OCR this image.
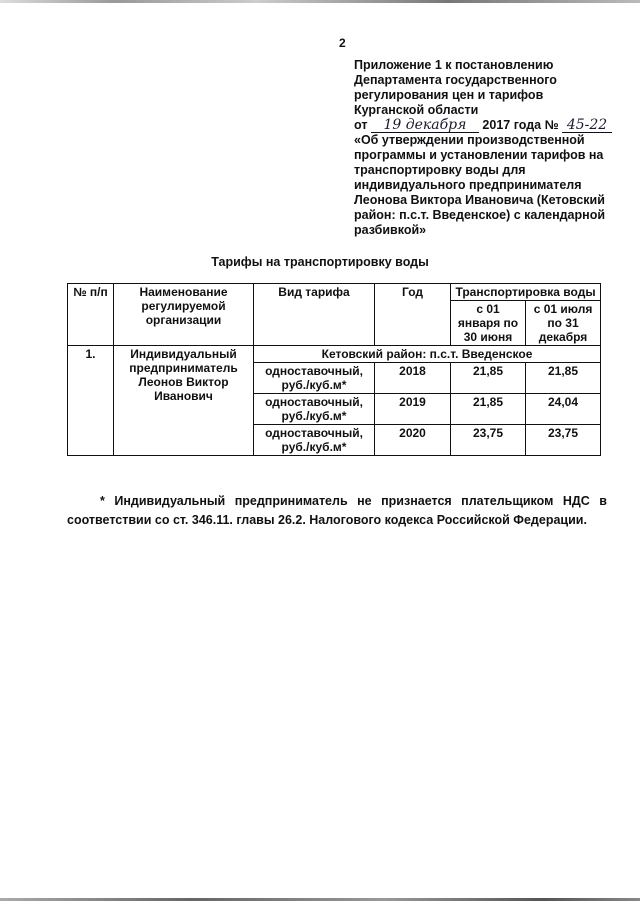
2
Приложение 1 к постановлению
Департамента государственного
регулирования цен и тарифов
Курганской области
от 19 декабря 2017 года № 45-22
«Об утверждении производственной программы и установлении тарифов на транспортировку воды для индивидуального предпринимателя Леонова Виктора Ивановича (Кетовский район: п.с.т. Введенское) с календарной разбивкой»
Тарифы на транспортировку воды
№ п/п	Наименование регулируемой организации	Вид тарифа	Год	Транспортировка воды	
				с 01 января по 30 июня	с 01 июля по 31 декабря
1.	Индивидуальный предприниматель Леонов Виктор Иванович	Кетовский район: п.с.т. Введенское			
		одноставочный, руб./куб.м*	2018	21,85	21,85
		одноставочный, руб./куб.м*	2019	21,85	24,04
		одноставочный, руб./куб.м*	2020	23,75	23,75
* Индивидуальный предприниматель не признается плательщиком НДС в
соответствии со ст. 346.11. главы 26.2. Налогового кодекса Российской Федерации.
